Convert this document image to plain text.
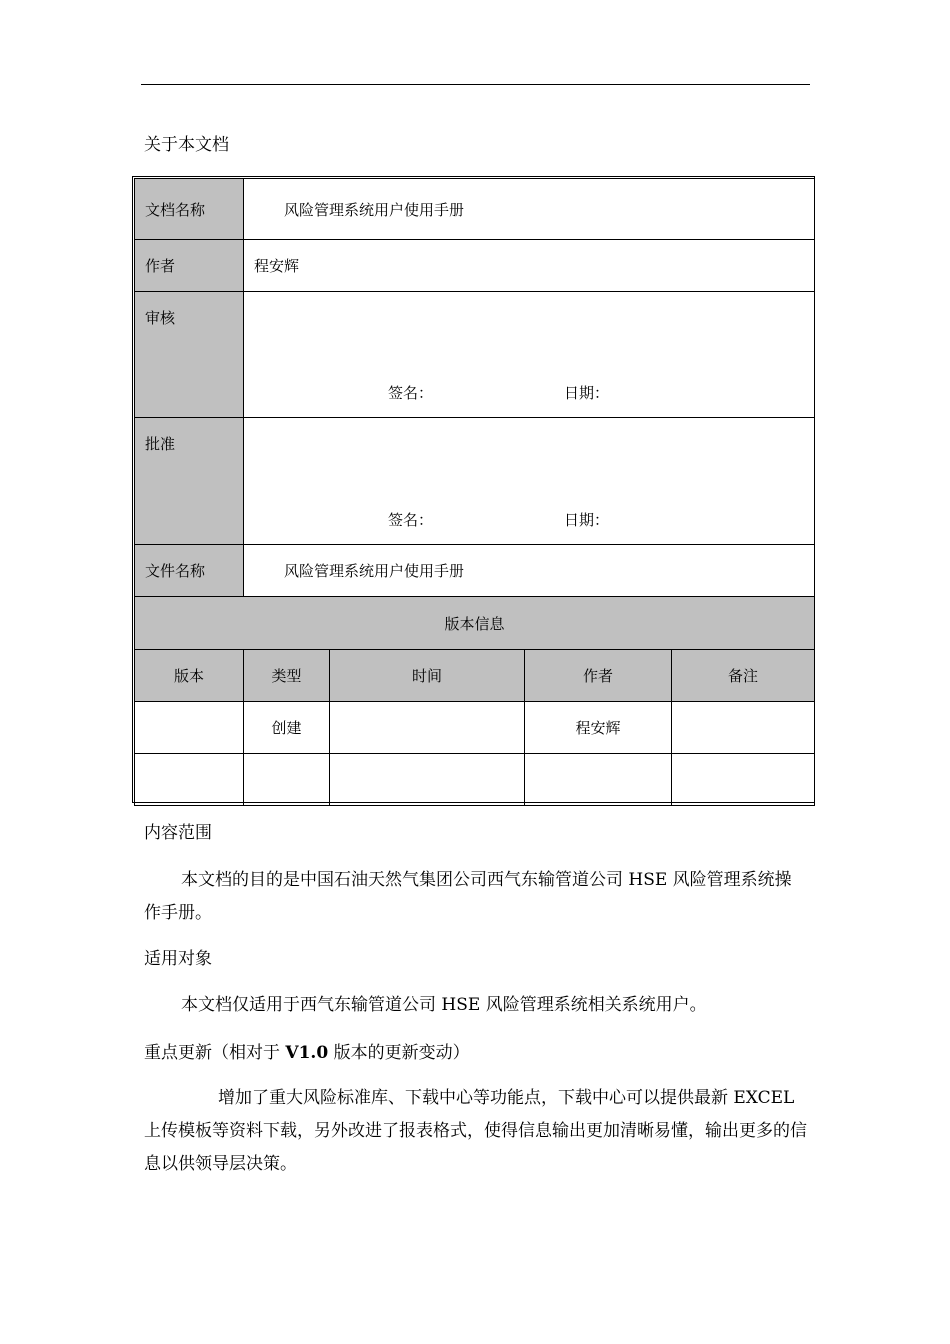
关于本文档
文档名称	风险管理系统用户使用手册
作者	程安辉
审核	签名： 日期：

批准	签名： 日期：

文件名称	风险管理系统用户使用手册
版本信息				
版本	类型	时间	作者	备注
	创建		程安辉	

内容范围
本文档的目的是中国石油天然气集团公司西气东输管道公司 HSE 风险管理系统操作手册。
适用对象
本文档仅适用于西气东输管道公司 HSE 风险管理系统相关系统用户。
重点更新（相对于 V1.0 版本的更新变动）
增加了重大风险标准库、下载中心等功能点，下载中心可以提供最新 EXCEL 上传模板等资料下载，另外改进了报表格式，使得信息输出更加清晰易懂，输出更多的信息以供领导层决策。
